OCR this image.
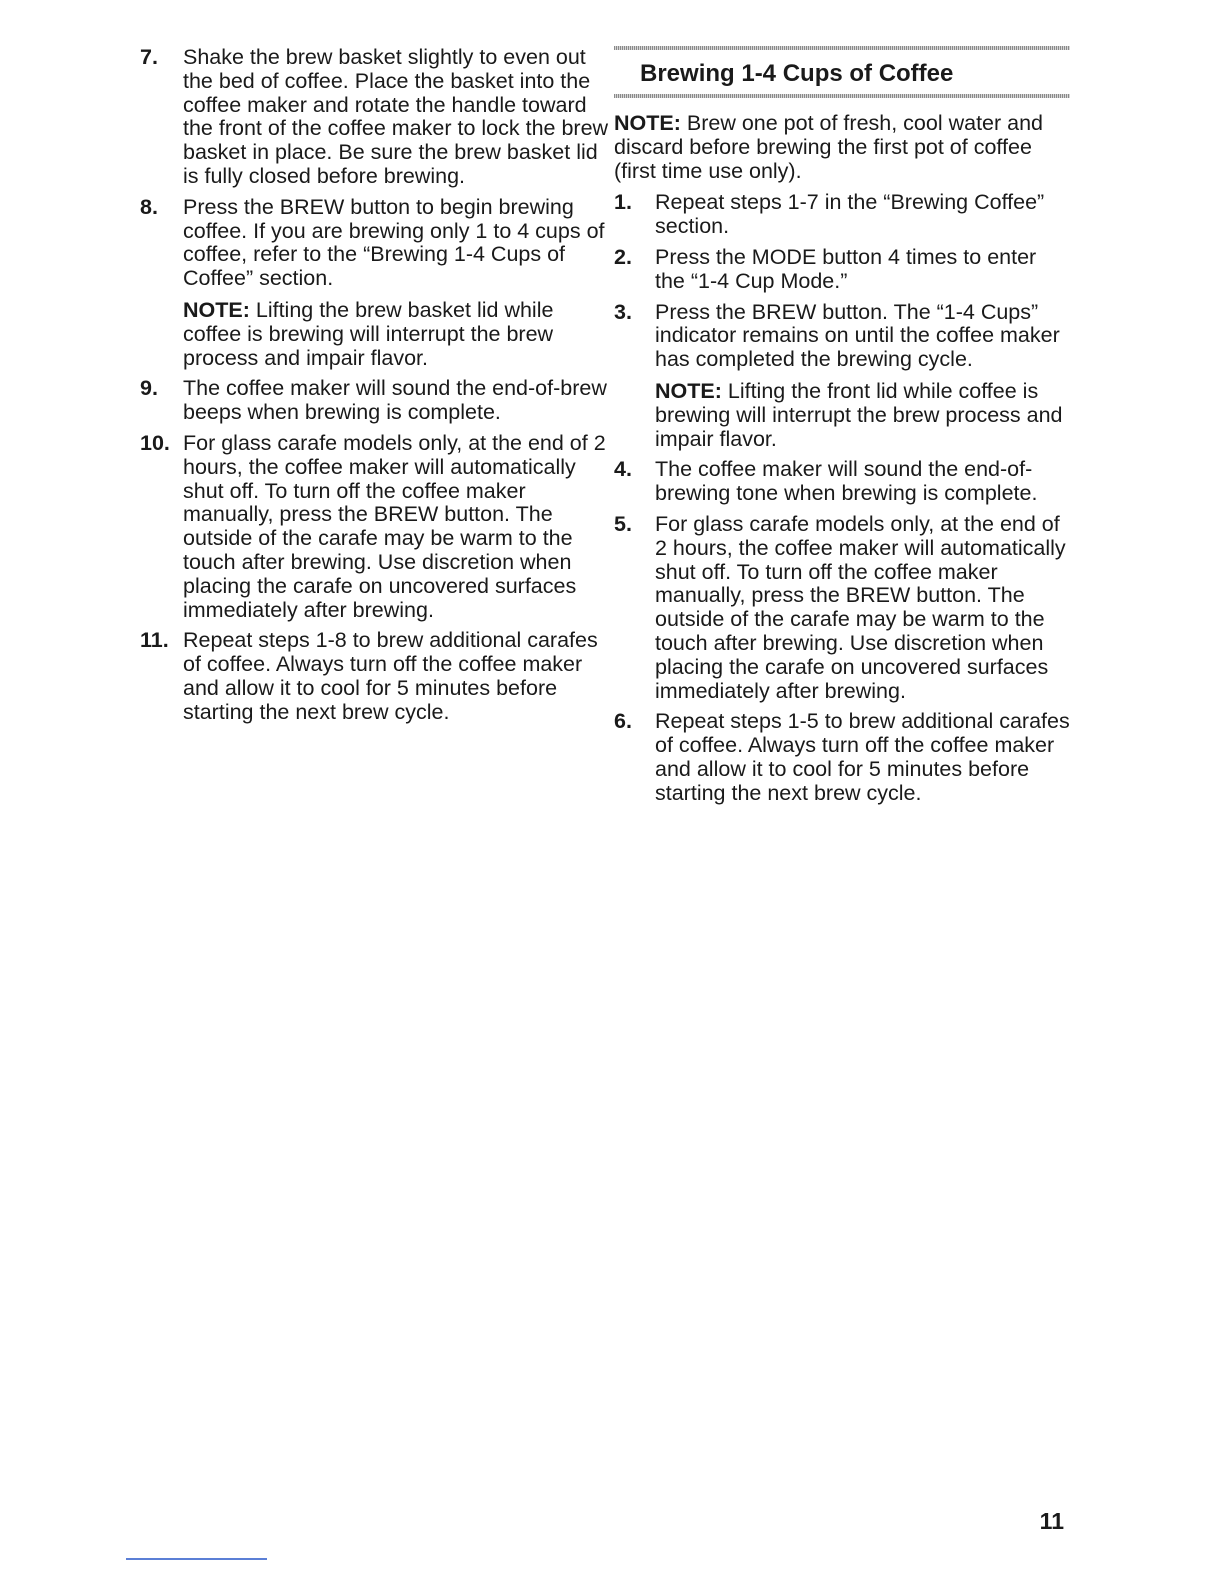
7. Shake the brew basket slightly to even out the bed of coffee. Place the basket into the coffee maker and rotate the handle toward the front of the coffee maker to lock the brew basket in place. Be sure the brew basket lid is fully closed before brewing.
8. Press the BREW button to begin brewing coffee. If you are brewing only 1 to 4 cups of coffee, refer to the “Brewing 1-4 Cups of Coffee” section.
NOTE: Lifting the brew basket lid while coffee is brewing will interrupt the brew process and impair flavor.
9. The coffee maker will sound the end-of-brew beeps when brewing is complete.
10. For glass carafe models only, at the end of 2 hours, the coffee maker will automatically shut off. To turn off the coffee maker manually, press the BREW button. The outside of the carafe may be warm to the touch after brewing. Use discretion when placing the carafe on uncovered surfaces immediately after brewing.
11. Repeat steps 1-8 to brew additional carafes of coffee. Always turn off the coffee maker and allow it to cool for 5 minutes before starting the next brew cycle.
Brewing 1-4 Cups of Coffee
NOTE: Brew one pot of fresh, cool water and discard before brewing the first pot of coffee (first time use only).
1. Repeat steps 1-7 in the “Brewing Coffee” section.
2. Press the MODE button 4 times to enter the “1-4 Cup Mode.”
3. Press the BREW button. The “1-4 Cups” indicator remains on until the coffee maker has completed the brewing cycle.
NOTE: Lifting the front lid while coffee is brewing will interrupt the brew process and impair flavor.
4. The coffee maker will sound the end-of-brewing tone when brewing is complete.
5. For glass carafe models only, at the end of 2 hours, the coffee maker will automatically shut off. To turn off the coffee maker manually, press the BREW button. The outside of the carafe may be warm to the touch after brewing. Use discretion when placing the carafe on uncovered surfaces immediately after brewing.
6. Repeat steps 1-5 to brew additional carafes of coffee. Always turn off the coffee maker and allow it to cool for 5 minutes before starting the next brew cycle.
11
